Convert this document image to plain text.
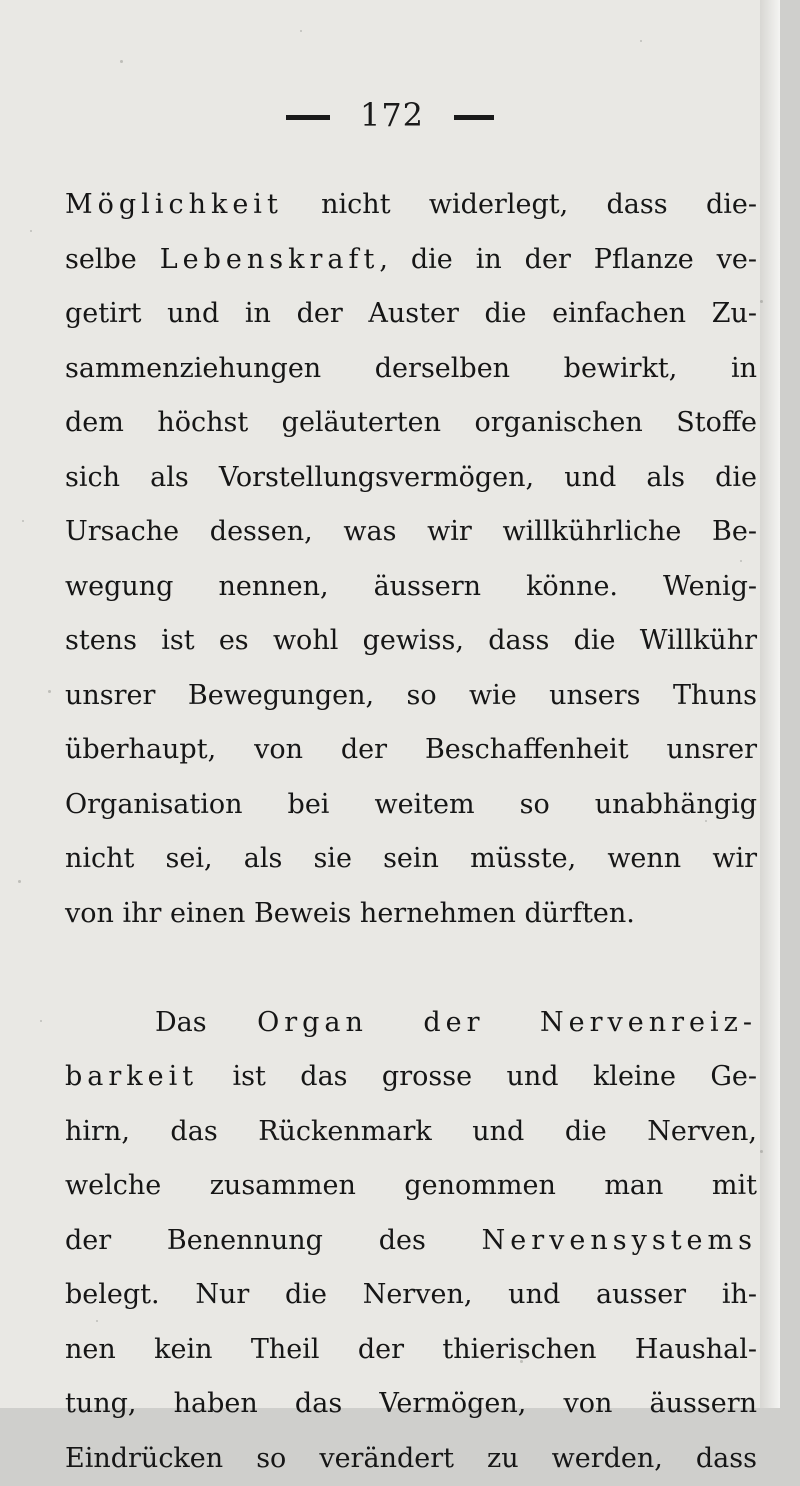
172
Möglichkeit nicht widerlegt, dass die-
selbe Lebenskraft, die in der Pflanze ve-
getirt und in der Auster die einfachen Zu-
sammenziehungen derselben bewirkt, in
dem höchst geläuterten organischen Stoffe
sich als Vorstellungsvermögen, und als die
Ursache dessen, was wir willkührliche Be-
wegung nennen, äussern könne. Wenig-
stens ist es wohl gewiss, dass die Willkühr
unsrer Bewegungen, so wie unsers Thuns
überhaupt, von der Beschaffenheit unsrer
Organisation bei weitem so unabhängig
nicht sei, als sie sein müsste, wenn wir
von ihr einen Beweis hernehmen dürften.
Das Organ der Nervenreiz-
barkeit ist das grosse und kleine Ge-
hirn, das Rückenmark und die Nerven,
welche zusammen genommen man mit
der Benennung des Nervensystems
belegt. Nur die Nerven, und ausser ih-
nen kein Theil der thierischen Haushal-
tung, haben das Vermögen, von äussern
Eindrücken so verändert zu werden, dass
